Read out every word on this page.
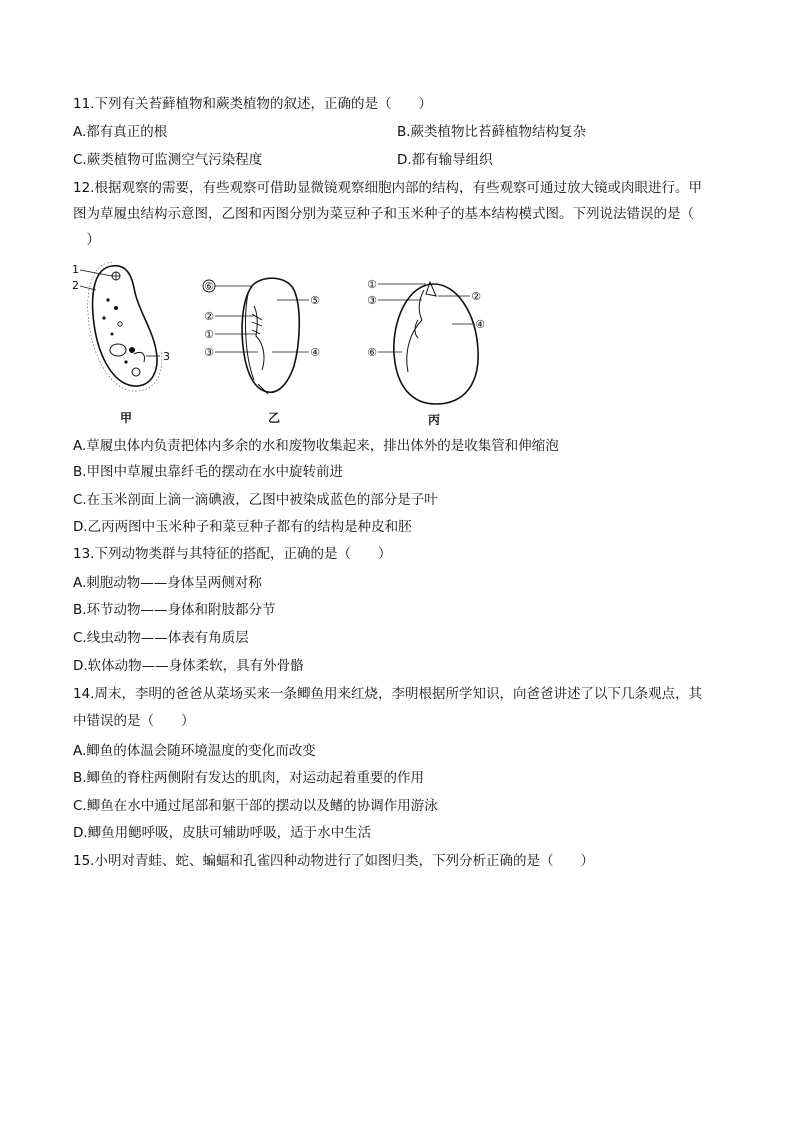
11.下列有关苔藓植物和蕨类植物的叙述，正确的是（　　）
A.都有真正的根	B.蕨类植物比苔藓植物结构复杂
C.蕨类植物可监测空气污染程度	D.都有输导组织
12.根据观察的需要，有些观察可借助显微镜观察细胞内部的结构，有些观察可通过放大镜或肉眼进行。甲
图为草履虫结构示意图，乙图和丙图分别为菜豆种子和玉米种子的基本结构模式图。下列说法错误的是（
　）
1
2
3
甲
⑥
②
①
③
⑤
④
乙
①
③
⑥
②
④
丙
A.草履虫体内负责把体内多余的水和废物收集起来，排出体外的是收集管和伸缩泡
B.甲图中草履虫靠纤毛的摆动在水中旋转前进
C.在玉米剖面上滴一滴碘液，乙图中被染成蓝色的部分是子叶
D.乙丙两图中玉米种子和菜豆种子都有的结构是种皮和胚
13.下列动物类群与其特征的搭配，正确的是（　　）
A.刺胞动物——身体呈两侧对称
B.环节动物——身体和附肢都分节
C.线虫动物——体表有角质层
D.软体动物——身体柔软，具有外骨骼
14.周末，李明的爸爸从菜场买来一条鲫鱼用来红烧，李明根据所学知识，向爸爸讲述了以下几条观点，其
中错误的是（　　）
A.鲫鱼的体温会随环境温度的变化而改变
B.鲫鱼的脊柱两侧附有发达的肌肉，对运动起着重要的作用
C.鲫鱼在水中通过尾部和躯干部的摆动以及鳍的协调作用游泳
D.鲫鱼用鳃呼吸，皮肤可辅助呼吸，适于水中生活
15.小明对青蛙、蛇、蝙蝠和孔雀四种动物进行了如图归类，下列分析正确的是（　　）
